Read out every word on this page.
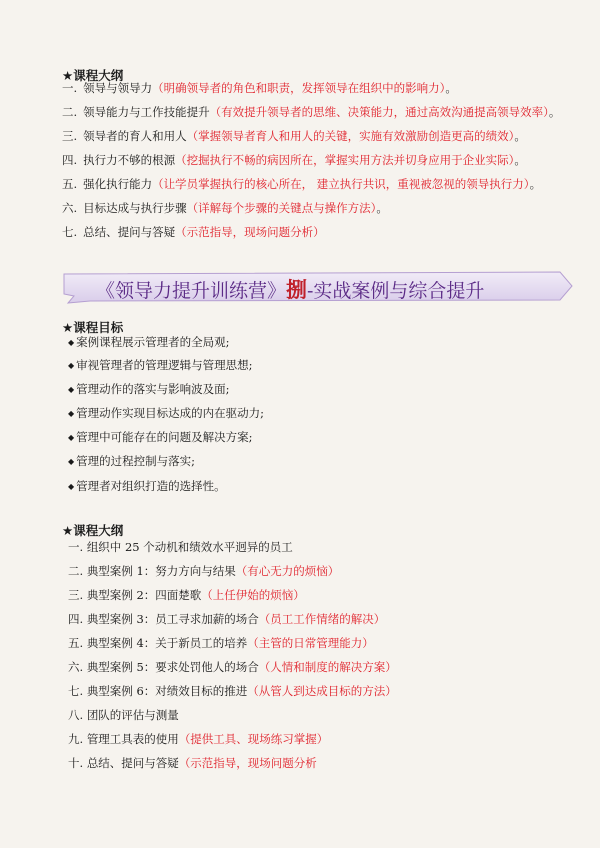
★课程大纲
一. 领导与领导力（明确领导者的角色和职责，发挥领导在组织中的影响力）。
二. 领导能力与工作技能提升（有效提升领导者的思维、决策能力，通过高效沟通提高领导效率）。
三. 领导者的育人和用人（掌握领导者育人和用人的关键，实施有效激励创造更高的绩效）。
四. 执行力不够的根源（挖掘执行不畅的病因所在，掌握实用方法并切身应用于企业实际）。
五. 强化执行能力（让学员掌握执行的核心所在， 建立执行共识，重视被忽视的领导执行力）。
六. 目标达成与执行步骤（详解每个步骤的关键点与操作方法）。
七. 总结、提问与答疑（示范指导，现场问题分析）
《领导力提升训练营》捌-实战案例与综合提升
★课程目标
◆ 案例课程展示管理者的全局观;
◆ 审视管理者的管理逻辑与管理思想;
◆ 管理动作的落实与影响波及面;
◆ 管理动作实现目标达成的内在驱动力;
◆ 管理中可能存在的问题及解决方案;
◆ 管理的过程控制与落实;
◆ 管理者对组织打造的选择性。
★课程大纲
一. 组织中 25 个动机和绩效水平迥异的员工
二. 典型案例 1：努力方向与结果（有心无力的烦恼）
三. 典型案例 2：四面楚歌（上任伊始的烦恼）
四. 典型案例 3：员工寻求加薪的场合（员工工作情绪的解决）
五. 典型案例 4：关于新员工的培养（主管的日常管理能力）
六. 典型案例 5：要求处罚他人的场合（人情和制度的解决方案）
七. 典型案例 6：对绩效目标的推进（从管人到达成目标的方法）
八. 团队的评估与测量
九. 管理工具表的使用（提供工具、现场练习掌握）
十. 总结、提问与答疑（示范指导，现场问题分析
